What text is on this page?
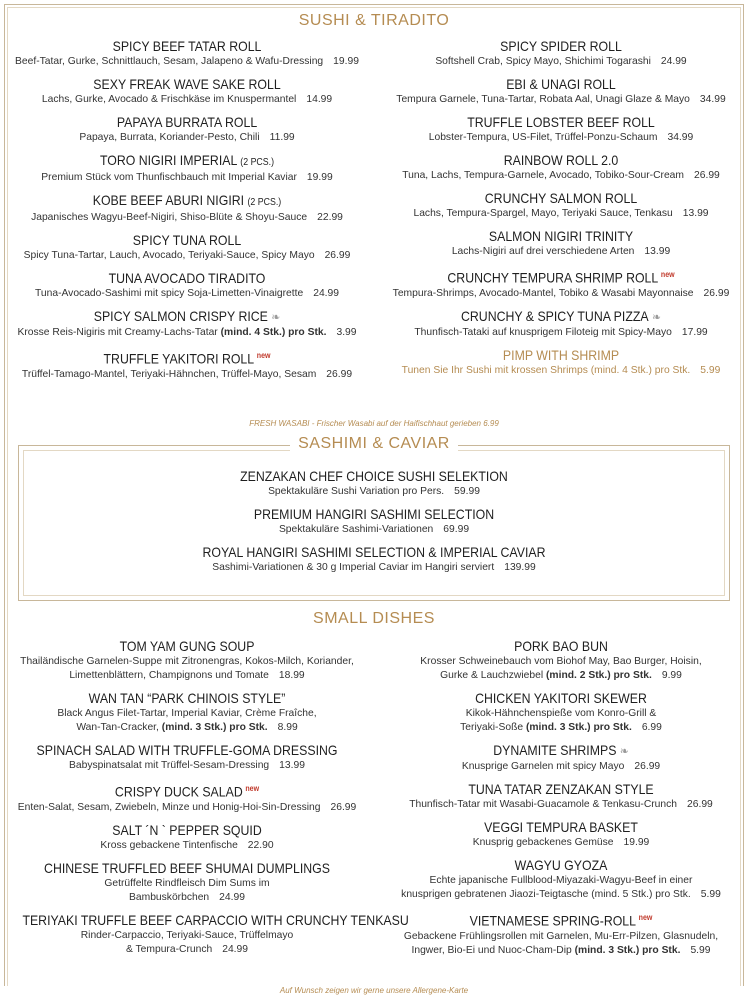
SUSHI & TIRADITO
SPICY BEEF TATAR ROLL
Beef-Tatar, Gurke, Schnittlauch, Sesam, Jalapeno & Wafu-Dressing 19.99
SEXY FREAK WAVE SAKE ROLL
Lachs, Gurke, Avocado & Frischkäse im Knuspermantel 14.99
PAPAYA BURRATA ROLL
Papaya, Burrata, Koriander-Pesto, Chili 11.99
TORO NIGIRI IMPERIAL (2 PCS.)
Premium Stück vom Thunfischbauch mit Imperial Kaviar 19.99
KOBE BEEF ABURI NIGIRI (2 PCS.)
Japanisches Wagyu-Beef-Nigiri, Shiso-Blüte & Shoyu-Sauce 22.99
SPICY TUNA ROLL
Spicy Tuna-Tartar, Lauch, Avocado, Teriyaki-Sauce, Spicy Mayo 26.99
TUNA AVOCADO TIRADITO
Tuna-Avocado-Sashimi mit spicy Soja-Limetten-Vinaigrette 24.99
SPICY SALMON CRISPY RICE ❧
Krosse Reis-Nigiris mit Creamy-Lachs-Tatar (mind. 4 Stk.) pro Stk. 3.99
TRUFFLE YAKITORI ROLL $^{new}$
Trüffel-Tamago-Mantel, Teriyaki-Hähnchen, Trüffel-Mayo, Sesam 26.99
SPICY SPIDER ROLL
Softshell Crab, Spicy Mayo, Shichimi Togarashi 24.99
EBI & UNAGI ROLL
Tempura Garnele, Tuna-Tartar, Robata Aal, Unagi Glaze & Mayo 34.99
TRUFFLE LOBSTER BEEF ROLL
Lobster-Tempura, US-Filet, Trüffel-Ponzu-Schaum 34.99
RAINBOW ROLL 2.0
Tuna, Lachs, Tempura-Garnele, Avocado, Tobiko-Sour-Cream 26.99
CRUNCHY SALMON ROLL
Lachs, Tempura-Spargel, Mayo, Teriyaki Sauce, Tenkasu 13.99
SALMON NIGIRI TRINITY
Lachs-Nigiri auf drei verschiedene Arten 13.99
CRUNCHY TEMPURA SHRIMP ROLL $^{new}$
Tempura-Shrimps, Avocado-Mantel, Tobiko & Wasabi Mayonnaise 26.99
CRUNCHY & SPICY TUNA PIZZA ❧
Thunfisch-Tataki auf knusprigem Filoteig mit Spicy-Mayo 17.99
PIMP WITH SHRIMP
Tunen Sie Ihr Sushi mit krossen Shrimps (mind. 4 Stk.) pro Stk. 5.99
FRESH WASABI - Frischer Wasabi auf der Haifischhaut gerieben 6.99
SASHIMI & CAVIAR
ZENZAKAN CHEF CHOICE SUSHI SELEKTION
Spektakuläre Sushi Variation pro Pers. 59.99
PREMIUM HANGIRI SASHIMI SELECTION
Spektakuläre Sashimi-Variationen 69.99
ROYAL HANGIRI SASHIMI SELECTION & IMPERIAL CAVIAR
Sashimi-Variationen & 30 g Imperial Caviar im Hangiri serviert 139.99
SMALL DISHES
TOM YAM GUNG SOUP
Thailändische Garnelen-Suppe mit Zitronengras, Kokos-Milch, Koriander,
Limettenblättern, Champignons und Tomate 18.99
WAN TAN “PARK CHINOIS STYLE”
Black Angus Filet-Tartar, Imperial Kaviar, Crème Fraîche,
Wan-Tan-Cracker, (mind. 3 Stk.) pro Stk. 8.99
SPINACH SALAD WITH TRUFFLE-GOMA DRESSING
Babyspinatsalat mit Trüffel-Sesam-Dressing 13.99
CRISPY DUCK SALAD $^{new}$
Enten-Salat, Sesam, Zwiebeln, Minze und Honig-Hoi-Sin-Dressing 26.99
SALT ´N ` PEPPER SQUID
Kross gebackene Tintenfische 22.90
CHINESE TRUFFLED BEEF SHUMAI DUMPLINGS
Getrüffelte Rindfleisch Dim Sums im
Bambuskörbchen 24.99
TERIYAKI TRUFFLE BEEF CARPACCIO WITH CRUNCHY TENKASU
Rinder-Carpaccio, Teriyaki-Sauce, Trüffelmayo
& Tempura-Crunch 24.99
PORK BAO BUN
Krosser Schweinebauch vom Biohof May, Bao Burger, Hoisin,
Gurke & Lauchzwiebel (mind. 2 Stk.) pro Stk. 9.99
CHICKEN YAKITORI SKEWER
Kikok-Hähnchenspieße vom Konro-Grill &
Teriyaki-Soße (mind. 3 Stk.) pro Stk. 6.99
DYNAMITE SHRIMPS ❧
Knusprige Garnelen mit spicy Mayo 26.99
TUNA TATAR ZENZAKAN STYLE
Thunfisch-Tatar mit Wasabi-Guacamole & Tenkasu-Crunch 26.99
VEGGI TEMPURA BASKET
Knusprig gebackenes Gemüse 19.99
WAGYU GYOZA
Echte japanische Fullblood-Miyazaki-Wagyu-Beef in einer
knusprigen gebratenen Jiaozi-Teigtasche (mind. 5 Stk.) pro Stk. 5.99
VIETNAMESE SPRING-ROLL $^{new}$
Gebackene Frühlingsrollen mit Garnelen, Mu-Err-Pilzen, Glasnudeln,
Ingwer, Bio-Ei und Nuoc-Cham-Dip (mind. 3 Stk.) pro Stk. 5.99
Auf Wunsch zeigen wir gerne unsere Allergene-Karte
